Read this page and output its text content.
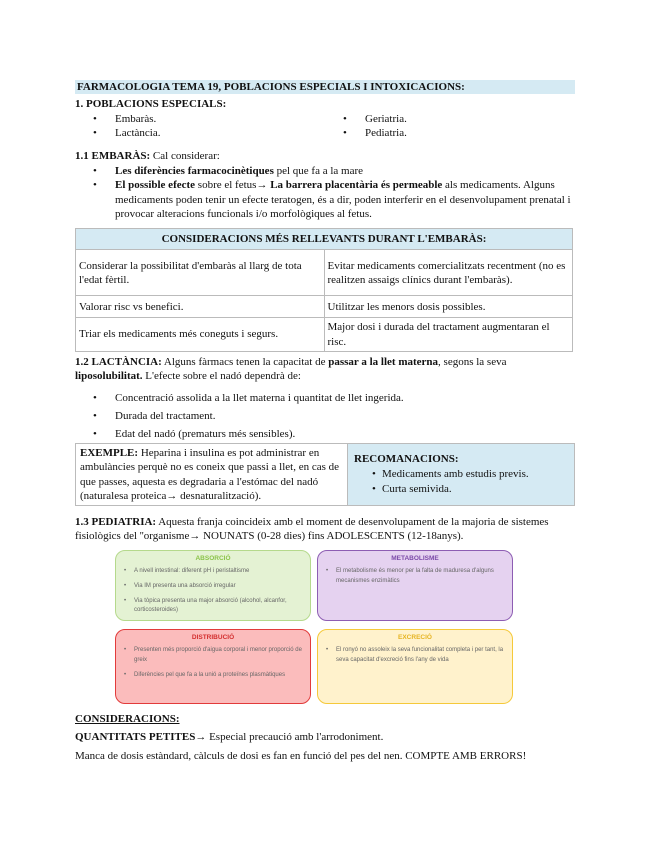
FARMACOLOGIA TEMA 19, POBLACIONS ESPECIALS I INTOXICACIONS:
1. POBLACIONS ESPECIALS:
• Embaràs.
• Lactància.
• Geriatria.
• Pediatria.
1.1 EMBARÀS: Cal considerar:
• Les diferències farmacocinètiques pel que fa a la mare
• El possible efecte sobre el fetus→ La barrera placentària és permeable als medicaments. Alguns medicaments poden tenir un efecte teratogen, és a dir, poden interferir en el desenvolupament prenatal i provocar alteracions funcionals i/o morfològiques al fetus.
CONSIDERACIONS MÉS RELLEVANTS DURANT L'EMBARÀS:	
Considerar la possibilitat d'embaràs al llarg de tota l'edat fèrtil.	Evitar medicaments comercialitzats recentment (no es realitzen assaigs clínics durant l'embaràs).
Valorar risc vs benefici.	Utilitzar les menors dosis possibles.
Triar els medicaments més coneguts i segurs.	Major dosi i durada del tractament augmentaran el risc.
1.2 LACTÀNCIA: Alguns fàrmacs tenen la capacitat de passar a la llet materna, segons la seva liposolubilitat. L'efecte sobre el nadó dependrà de:
• Concentració assolida a la llet materna i quantitat de llet ingerida.
• Durada del tractament.
• Edat del nadó (prematurs més sensibles).
EXEMPLE: Heparina i insulina es pot administrar en ambulàncies perquè no es coneix que passi a llet, en cas de que passes, aquesta es degradaria a l'estómac del nadó (naturalesa proteica→ desnaturalització).
RECOMANACIONS:
• Medicaments amb estudis previs.
• Curta semivida.
1.3 PEDIATRIA: Aquesta franja coincideix amb el moment de desenvolupament de la majoria de sistemes fisiològics del ''organisme→ NOUNATS (0-28 dies) fins ADOLESCENTS (12-18anys).
ABSORCIÓ
• A nivell intestinal: diferent pH i peristaltisme
• Via IM presenta una absorció irregular
• Via tòpica presenta una major absorció (alcohol, alcanfor, corticosteroides)
METABOLISME
• El metabolisme és menor per la falta de maduresa d'alguns mecanismes enzimàtics
DISTRIBUCIÓ
• Presenten més proporció d'aigua corporal i menor proporció de greix
• Diferències pel que fa a la unió a proteïnes plasmàtiques
EXCRECIÓ
• El ronyó no assoleix la seva funcionalitat completa i per tant, la seva capacitat d'excreció fins l'any de vida
CONSIDERACIONS:
QUANTITATS PETITES→ Especial precaució amb l'arrodoniment.
Manca de dosis estàndard, càlculs de dosi es fan en funció del pes del nen. COMPTE AMB ERRORS!
